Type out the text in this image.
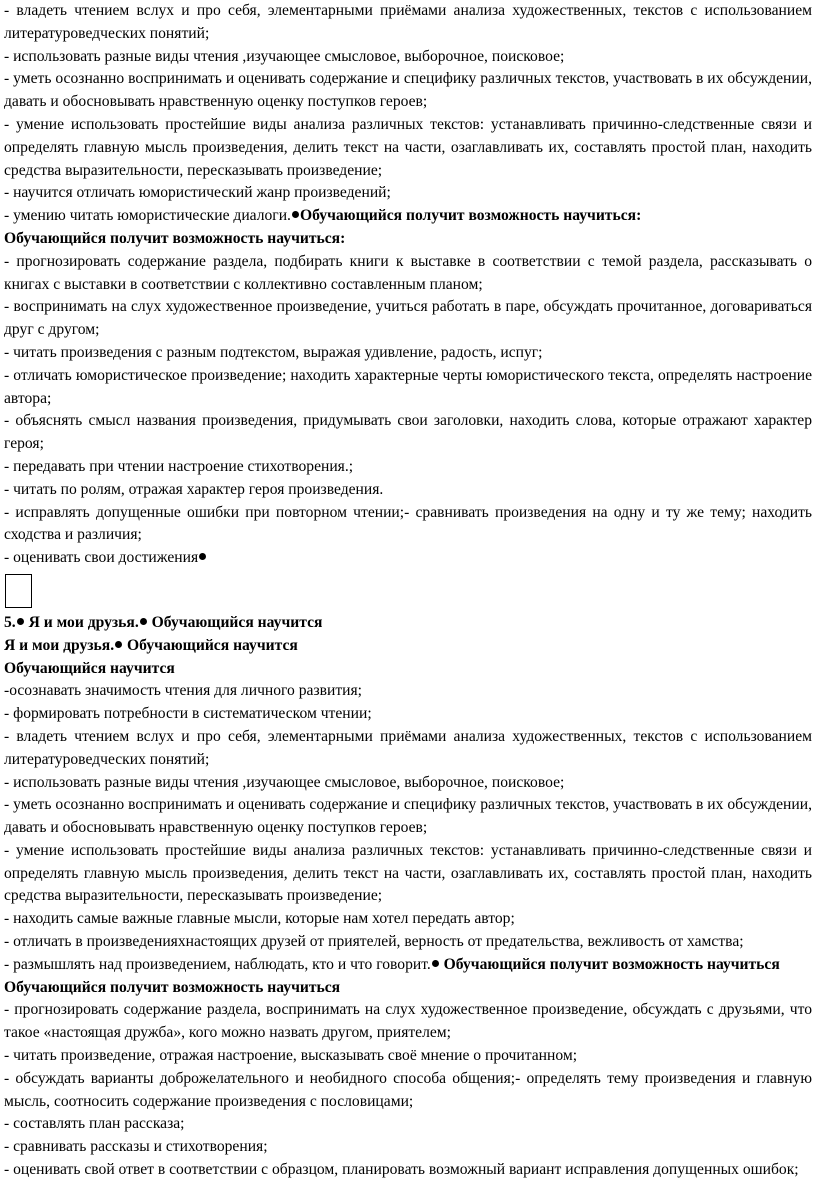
- владеть чтением вслух и про себя, элементарными приёмами анализа художественных, текстов с использованием литературоведческих понятий;

- использовать разные виды чтения ,изучающее смысловое, выборочное, поисковое;

- уметь осознанно воспринимать и оценивать содержание и специфику различных текстов, участвовать в их обсуждении, давать и обосновывать нравственную оценку поступков героев;

- умение использовать простейшие виды анализа различных текстов: устанавливать причинно-следственные связи и определять главную мысль произведения, делить текст на части, озаглавливать их, составлять простой план, находить средства выразительности, пересказывать произведение;

- научится отличать юмористический жанр произведений;

- умению читать юмористические диалоги. Обучающийся получит возможность научиться:

Обучающийся получит возможность научиться:

- прогнозировать содержание раздела, подбирать книги к выставке в соответствии с темой раздела, рассказывать о книгах с выставки в соответствии с коллективно составленным планом;

- воспринимать на слух художественное произведение, учиться работать в паре, обсуждать прочитанное, договариваться друг с другом;

- читать произведения с разным подтекстом, выражая удивление, радость, испуг;

- отличать юмористическое произведение; находить характерные черты юмористического текста, определять настроение автора;

- объяснять смысл названия произведения, придумывать свои заголовки, находить слова, которые отражают характер героя;

- передавать при чтении настроение стихотворения.;

- читать по ролям, отражая характер героя произведения.

- исправлять допущенные ошибки при повторном чтении;- сравнивать произведения на одну и ту же тему; находить сходства и различия;

- оценивать свои достижения

5. Я и мои друзья. Обучающийся научится

Я и мои друзья. Обучающийся научится

Обучающийся научится

-осознавать значимость чтения для личного развития;

- формировать потребности в систематическом чтении;

- владеть чтением вслух и про себя, элементарными приёмами анализа художественных, текстов с использованием литературоведческих понятий;

- использовать разные виды чтения ,изучающее смысловое, выборочное, поисковое;

- уметь осознанно воспринимать и оценивать содержание и специфику различных текстов, участвовать в их обсуждении, давать и обосновывать нравственную оценку поступков героев;

- умение использовать простейшие виды анализа различных текстов: устанавливать причинно-следственные связи и определять главную мысль произведения, делить текст на части, озаглавливать их, составлять простой план, находить средства выразительности, пересказывать произведение;

- находить самые важные главные мысли, которые нам хотел передать автор;

- отличать в произведенияхнастоящих друзей от приятелей, верность от предательства, вежливость от хамства;

- размышлять над произведением, наблюдать, кто и что говорит. Обучающийся получит возможность научиться

Обучающийся получит возможность научиться

- прогнозировать содержание раздела, воспринимать на слух художественное произведение, обсуждать с друзьями, что такое «настоящая дружба», кого можно назвать другом, приятелем;

- читать произведение, отражая настроение, высказывать своё мнение о прочитанном;

- обсуждать варианты доброжелательного и необидного способа общения;- определять тему произведения и главную мысль, соотносить содержание произведения с пословицами;

- составлять план рассказа;

- сравнивать рассказы и стихотворения;

- оценивать свой ответ в соответствии с образцом, планировать возможный вариант исправления допущенных ошибок;
